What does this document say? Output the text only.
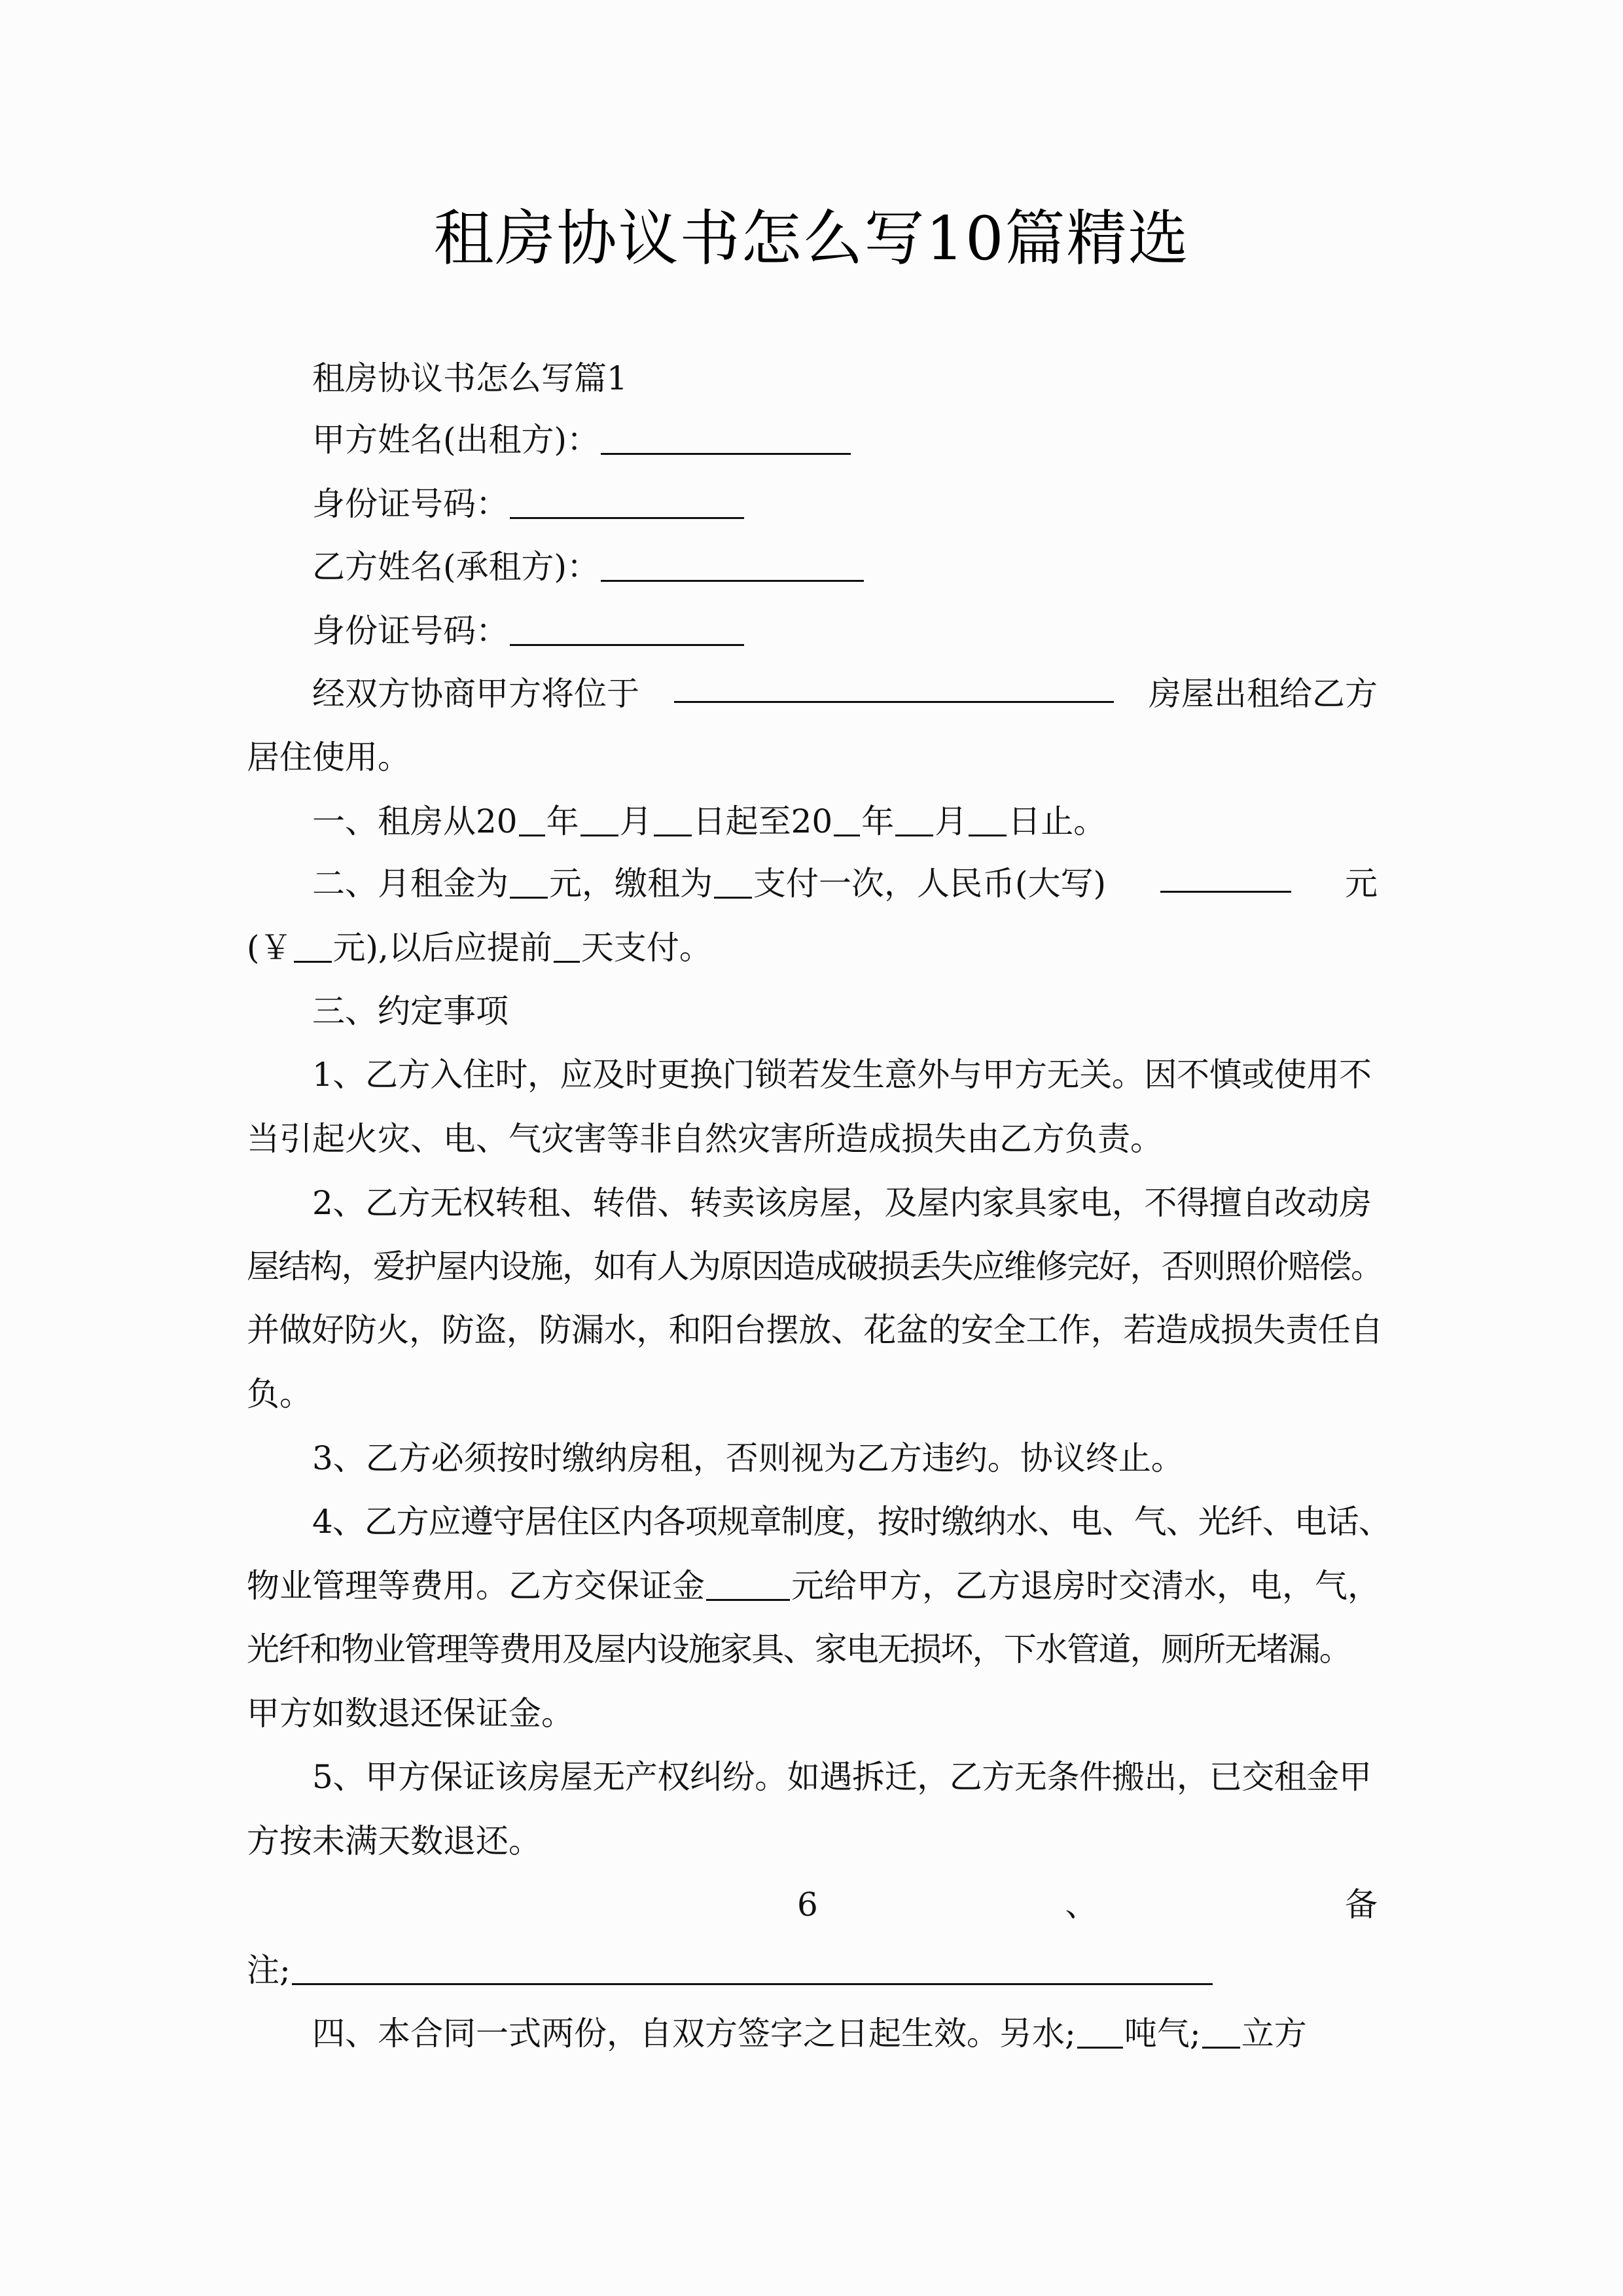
租房协议书怎么写10篇精选
租房协议书怎么写篇1
甲方姓名(出租方)：
身份证号码：
乙方姓名(承租方)：
身份证号码：
经双方协商甲方将位于	房屋出租给乙方
居住使用。
一、租房从20 年 月 日起至20 年 月 日止。
二、月租金为 元，缴租为 支付一次，人民币(大写)	元
(￥ 元),以后应提前 天支付。
三、约定事项
1、乙方入住时，应及时更换门锁若发生意外与甲方无关。因不慎或使用不
当引起火灾、电、气灾害等非自然灾害所造成损失由乙方负责。
2、乙方无权转租、转借、转卖该房屋，及屋内家具家电，不得擅自改动房
屋结构，爱护屋内设施，如有人为原因造成破损丢失应维修完好，否则照价赔偿。
并做好防火，防盗，防漏水，和阳台摆放、花盆的安全工作，若造成损失责任自
负。
3、乙方必须按时缴纳房租，否则视为乙方违约。协议终止。
4、乙方应遵守居住区内各项规章制度，按时缴纳水、电、气、光纤、电话、
物业管理等费用。乙方交保证金	元给甲方，乙方退房时交清水，电，气，
光纤和物业管理等费用及屋内设施家具、家电无损坏，下水管道，厕所无堵漏。
甲方如数退还保证金。
5、甲方保证该房屋无产权纠纷。如遇拆迁，乙方无条件搬出，已交租金甲
方按未满天数退还。
6	、	备
注;
四、本合同一式两份，自双方签字之日起生效。另水; 吨气; 立方
